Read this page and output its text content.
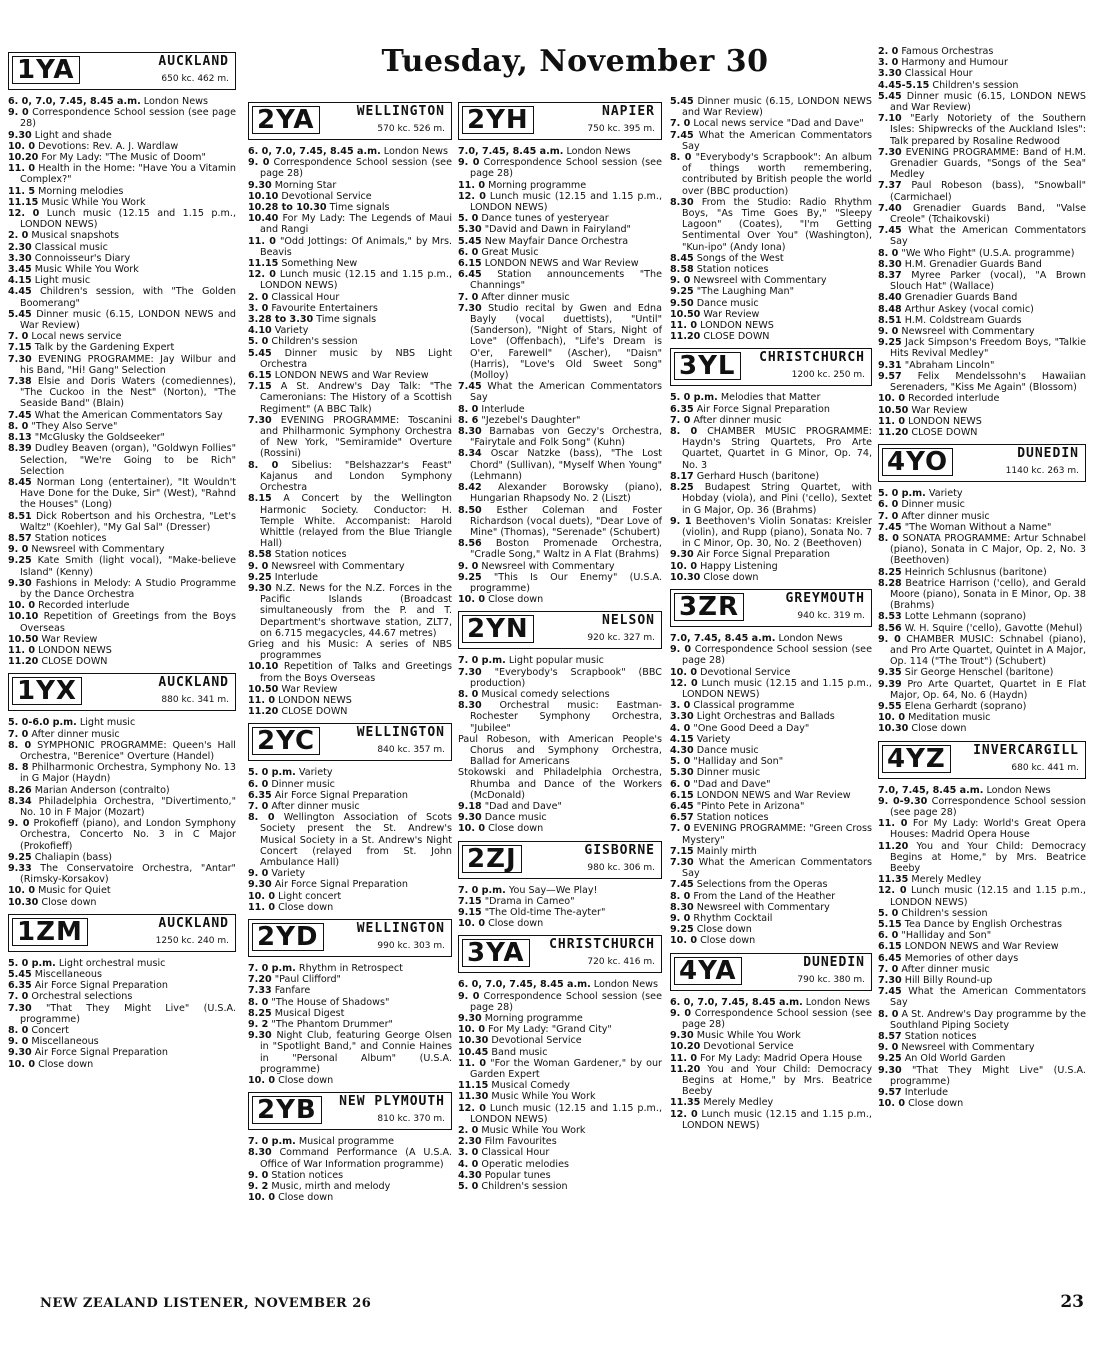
Tuesday, November 30
1YA	AUCKLAND
650 kc. 462 m.

6. 0, 7.0, 7.45, 8.45 a.m. London News

9. 0 Correspondence School session (see page 28)

9.30 Light and shade

10. 0 Devotions: Rev. A. J. Wardlaw

10.20 For My Lady: "The Music of Doom"

11. 0 Health in the Home: "Have You a Vitamin Complex?"

11. 5 Morning melodies

11.15 Music While You Work

12. 0 Lunch music (12.15 and 1.15 p.m., LONDON NEWS)

2. 0 Musical snapshots

2.30 Classical music

3.30 Connoisseur's Diary

3.45 Music While You Work

4.15 Light music

4.45 Children's session, with "The Golden Boomerang"

5.45 Dinner music (6.15, LONDON NEWS and War Review)

7. 0 Local news service

7.15 Talk by the Gardening Expert

7.30 EVENING PROGRAMME: Jay Wilbur and his Band, "Hi! Gang" Selection

7.38 Elsie and Doris Waters (comediennes), "The Cuckoo in the Nest" (Norton), "The Seaside Band" (Blain)

7.45 What the American Commentators Say

8. 0 "They Also Serve"

8.13 "McGlusky the Goldseeker"

8.39 Dudley Beaven (organ), "Goldwyn Follies" Selection, "We're Going to be Rich" Selection

8.45 Norman Long (entertainer), "It Wouldn't Have Done for the Duke, Sir" (West), "Rahnd the Houses" (Long)

8.51 Dick Robertson and his Orchestra, "Let's Waltz" (Koehler), "My Gal Sal" (Dresser)

8.57 Station notices

9. 0 Newsreel with Commentary

9.25 Kate Smith (light vocal), "Make-believe Island" (Kenny)

9.30 Fashions in Melody: A Studio Programme by the Dance Orchestra

10. 0 Recorded interlude

10.10 Repetition of Greetings from the Boys Overseas

10.50 War Review

11. 0 LONDON NEWS

11.20 CLOSE DOWN

1YX	AUCKLAND
880 kc. 341 m.

5. 0-6.0 p.m. Light music

7. 0 After dinner music

8. 0 SYMPHONIC PROGRAMME: Queen's Hall Orchestra, "Berenice" Overture (Handel)

8. 8 Philharmonic Orchestra, Symphony No. 13 in G Major (Haydn)

8.26 Marian Anderson (contralto)

8.34 Philadelphia Orchestra, "Divertimento," No. 10 in F Major (Mozart)

9. 0 Prokofieff (piano), and London Symphony Orchestra, Concerto No. 3 in C Major (Prokofieff)

9.25 Chaliapin (bass)

9.33 The Conservatoire Orchestra, "Antar" (Rimsky-Korsakov)

10. 0 Music for Quiet

10.30 Close down

1ZM	AUCKLAND
1250 kc. 240 m.

5. 0 p.m. Light orchestral music

5.45 Miscellaneous

6.35 Air Force Signal Preparation

7. 0 Orchestral selections

7.30 "That They Might Live" (U.S.A. programme)

8. 0 Concert

9. 0 Miscellaneous

9.30 Air Force Signal Preparation

10. 0 Close down

2YA	WELLINGTON
570 kc. 526 m.

6. 0, 7.0, 7.45, 8.45 a.m. London News

9. 0 Correspondence School session (see page 28)

9.30 Morning Star

10.10 Devotional Service

10.28 to 10.30 Time signals

10.40 For My Lady: The Legends of Maui and Rangi

11. 0 "Odd Jottings: Of Animals," by Mrs. Beavis

11.15 Something New

12. 0 Lunch music (12.15 and 1.15 p.m., LONDON NEWS)

2. 0 Classical Hour

3. 0 Favourite Entertainers

3.28 to 3.30 Time signals

4.10 Variety

5. 0 Children's session

5.45 Dinner music by NBS Light Orchestra

6.15 LONDON NEWS and War Review

7.15 A St. Andrew's Day Talk: "The Cameronians: The History of a Scottish Regiment" (A BBC Talk)

7.30 EVENING PROGRAMME: Toscanini and Philharmonic Symphony Orchestra of New York, "Semiramide" Overture (Rossini)

8. 0 Sibelius: "Belshazzar's Feast" Kajanus and London Symphony Orchestra

8.15 A Concert by the Wellington Harmonic Society. Conductor: H. Temple White. Accompanist: Harold Whittle (relayed from the Blue Triangle Hall)

8.58 Station notices

9. 0 Newsreel with Commentary

9.25 Interlude

9.30 N.Z. News for the N.Z. Forces in the Pacific Islands (Broadcast simultaneously from the P. and T. Department's shortwave station, ZLT7, on 6.715 megacycles, 44.67 metres)

Grieg and his Music: A series of NBS programmes

10.10 Repetition of Talks and Greetings from the Boys Overseas

10.50 War Review

11. 0 LONDON NEWS

11.20 CLOSE DOWN

2YC	WELLINGTON
840 kc. 357 m.

5. 0 p.m. Variety

6. 0 Dinner music

6.35 Air Force Signal Preparation

7. 0 After dinner music

8. 0 Wellington Association of Scots Society present the St. Andrew's Musical Society in a St. Andrew's Night Concert (relayed from St. John Ambulance Hall)

9. 0 Variety

9.30 Air Force Signal Preparation

10. 0 Light concert

11. 0 Close down

2YD	WELLINGTON
990 kc. 303 m.

7. 0 p.m. Rhythm in Retrospect

7.20 "Paul Clifford"

7.33 Fanfare

8. 0 "The House of Shadows"

8.25 Musical Digest

9. 2 "The Phantom Drummer"

9.30 Night Club, featuring George Olsen in "Spotlight Band," and Connie Haines in "Personal Album" (U.S.A. programme)

10. 0 Close down

2YB	NEW PLYMOUTH
810 kc. 370 m.

7. 0 p.m. Musical programme

8.30 Command Performance (A U.S.A. Office of War Information programme)

9. 0 Station notices

9. 2 Music, mirth and melody

10. 0 Close down

2YH	NAPIER
750 kc. 395 m.

7.0, 7.45, 8.45 a.m. London News

9. 0 Correspondence School session (see page 28)

11. 0 Morning programme

12. 0 Lunch music (12.15 and 1.15 p.m., LONDON NEWS)

5. 0 Dance tunes of yesteryear

5.30 "David and Dawn in Fairyland"

5.45 New Mayfair Dance Orchestra

6. 0 Great Music

6.15 LONDON NEWS and War Review

6.45 Station announcements "The Channings"

7. 0 After dinner music

7.30 Studio recital by Gwen and Edna Bayly (vocal duettists), "Until" (Sanderson), "Night of Stars, Night of Love" (Offenbach), "Life's Dream is O'er, Farewell" (Ascher), "Daisn" (Harris), "Love's Old Sweet Song" (Molloy)

7.45 What the American Commentators Say

8. 0 Interlude

8. 6 "Jezebel's Daughter"

8.30 Barnabas von Geczy's Orchestra, "Fairytale and Folk Song" (Kuhn)

8.34 Oscar Natzke (bass), "The Lost Chord" (Sullivan), "Myself When Young" (Lehmann)

8.42 Alexander Borowsky (piano), Hungarian Rhapsody No. 2 (Liszt)

8.50 Esther Coleman and Foster Richardson (vocal duets), "Dear Love of Mine" (Thomas), "Serenade" (Schubert)

8.56 Boston Promenade Orchestra, "Cradle Song," Waltz in A Flat (Brahms)

9. 0 Newsreel with Commentary

9.25 "This Is Our Enemy" (U.S.A. programme)

10. 0 Close down

2YN	NELSON
920 kc. 327 m.

7. 0 p.m. Light popular music

7.30 "Everybody's Scrapbook" (BBC production)

8. 0 Musical comedy selections

8.30 Orchestral music: Eastman-Rochester Symphony Orchestra, "Jubilee"

Paul Robeson, with American People's Chorus and Symphony Orchestra, Ballad for Americans

Stokowski and Philadelphia Orchestra, Rhumba and Dance of the Workers (McDonald)

9.18 "Dad and Dave"

9.30 Dance music

10. 0 Close down

2ZJ	GISBORNE
980 kc. 306 m.

7. 0 p.m. You Say—We Play!

7.15 "Drama in Cameo"

9.15 "The Old-time The-ayter"

10. 0 Close down

3YA	CHRISTCHURCH
720 kc. 416 m.

6. 0, 7.0, 7.45, 8.45 a.m. London News

9. 0 Correspondence School session (see page 28)

9.30 Morning programme

10. 0 For My Lady: "Grand City"

10.30 Devotional Service

10.45 Band music

11. 0 "For the Woman Gardener," by our Garden Expert

11.15 Musical Comedy

11.30 Music While You Work

12. 0 Lunch music (12.15 and 1.15 p.m., LONDON NEWS)

2. 0 Music While You Work

2.30 Film Favourites

3. 0 Classical Hour

4. 0 Operatic melodies

4.30 Popular tunes

5. 0 Children's session

5.45 Dinner music (6.15, LONDON NEWS and War Review)

7. 0 Local news service "Dad and Dave"

7.45 What the American Commentators Say

8. 0 "Everybody's Scrapbook": An album of things worth remembering, contributed by British people the world over (BBC production)

8.30 From the Studio: Radio Rhythm Boys, "As Time Goes By," "Sleepy Lagoon" (Coates), "I'm Getting Sentimental Over You" (Washington), "Kun-ipo" (Andy Iona)

8.45 Songs of the West

8.58 Station notices

9. 0 Newsreel with Commentary

9.25 "The Laughing Man"

9.50 Dance music

10.50 War Review

11. 0 LONDON NEWS

11.20 CLOSE DOWN

3YL	CHRISTCHURCH
1200 kc. 250 m.

5. 0 p.m. Melodies that Matter

6.35 Air Force Signal Preparation

7. 0 After dinner music

8. 0 CHAMBER MUSIC PROGRAMME: Haydn's String Quartets, Pro Arte Quartet, Quartet in G Minor, Op. 74, No. 3

8.17 Gerhard Husch (baritone)

8.25 Budapest String Quartet, with Hobday (viola), and Pini ('cello), Sextet in G Major, Op. 36 (Brahms)

9. 1 Beethoven's Violin Sonatas: Kreisler (violin), and Rupp (piano), Sonata No. 7 in C Minor, Op. 30, No. 2 (Beethoven)

9.30 Air Force Signal Preparation

10. 0 Happy Listening

10.30 Close down

3ZR	GREYMOUTH
940 kc. 319 m.

7.0, 7.45, 8.45 a.m. London News

9. 0 Correspondence School session (see page 28)

10. 0 Devotional Service

12. 0 Lunch music (12.15 and 1.15 p.m., LONDON NEWS)

3. 0 Classical programme

3.30 Light Orchestras and Ballads

4. 0 "One Good Deed a Day"

4.15 Variety

4.30 Dance music

5. 0 "Halliday and Son"

5.30 Dinner music

6. 0 "Dad and Dave"

6.15 LONDON NEWS and War Review

6.45 "Pinto Pete in Arizona"

6.57 Station notices

7. 0 EVENING PROGRAMME: "Green Cross Mystery"

7.15 Mainly mirth

7.30 What the American Commentators Say

7.45 Selections from the Operas

8. 0 From the Land of the Heather

8.30 Newsreel with Commentary

9. 0 Rhythm Cocktail

9.25 Close down

10. 0 Close down

4YA	DUNEDIN
790 kc. 380 m.

6. 0, 7.0, 7.45, 8.45 a.m. London News

9. 0 Correspondence School session (see page 28)

9.30 Music While You Work

10.20 Devotional Service

11. 0 For My Lady: Madrid Opera House

11.20 You and Your Child: Democracy Begins at Home," by Mrs. Beatrice Beeby

11.35 Merely Medley

12. 0 Lunch music (12.15 and 1.15 p.m., LONDON NEWS)

2. 0 Famous Orchestras

3. 0 Harmony and Humour

3.30 Classical Hour

4.45-5.15 Children's session

5.45 Dinner music (6.15, LONDON NEWS and War Review)

7.10 "Early Notoriety of the Southern Isles: Shipwrecks of the Auckland Isles": Talk prepared by Rosaline Redwood

7.30 EVENING PROGRAMME: Band of H.M. Grenadier Guards, "Songs of the Sea" Medley

7.37 Paul Robeson (bass), "Snowball" (Carmichael)

7.40 Grenadier Guards Band, "Valse Creole" (Tchaikovski)

7.45 What the American Commentators Say

8. 0 "We Who Fight" (U.S.A. programme)

8.30 H.M. Grenadier Guards Band

8.37 Myree Parker (vocal), "A Brown Slouch Hat" (Wallace)

8.40 Grenadier Guards Band

8.48 Arthur Askey (vocal comic)

8.51 H.M. Coldstream Guards

9. 0 Newsreel with Commentary

9.25 Jack Simpson's Freedom Boys, "Talkie Hits Revival Medley"

9.31 "Abraham Lincoln"

9.57 Felix Mendelssohn's Hawaiian Serenaders, "Kiss Me Again" (Blossom)

10. 0 Recorded interlude

10.50 War Review

11. 0 LONDON NEWS

11.20 CLOSE DOWN

4YO	DUNEDIN
1140 kc. 263 m.

5. 0 p.m. Variety

6. 0 Dinner music

7. 0 After dinner music

7.45 "The Woman Without a Name"

8. 0 SONATA PROGRAMME: Artur Schnabel (piano), Sonata in C Major, Op. 2, No. 3 (Beethoven)

8.25 Heinrich Schlusnus (baritone)

8.28 Beatrice Harrison ('cello), and Gerald Moore (piano), Sonata in E Minor, Op. 38 (Brahms)

8.53 Lotte Lehmann (soprano)

8.56 W. H. Squire ('cello), Gavotte (Mehul)

9. 0 CHAMBER MUSIC: Schnabel (piano), and Pro Arte Quartet, Quintet in A Major, Op. 114 ("The Trout") (Schubert)

9.35 Sir George Henschel (baritone)

9.39 Pro Arte Quartet, Quartet in E Flat Major, Op. 64, No. 6 (Haydn)

9.55 Elena Gerhardt (soprano)

10. 0 Meditation music

10.30 Close down

4YZ	INVERCARGILL
680 kc. 441 m.

7.0, 7.45, 8.45 a.m. London News

9. 0-9.30 Correspondence School session (see page 28)

11. 0 For My Lady: World's Great Opera Houses: Madrid Opera House

11.20 You and Your Child: Democracy Begins at Home," by Mrs. Beatrice Beeby

11.35 Merely Medley

12. 0 Lunch music (12.15 and 1.15 p.m., LONDON NEWS)

5. 0 Children's session

5.15 Tea Dance by English Orchestras

6. 0 "Halliday and Son"

6.15 LONDON NEWS and War Review

6.45 Memories of other days

7. 0 After dinner music

7.30 Hill Billy Round-up

7.45 What the American Commentators Say

8. 0 A St. Andrew's Day programme by the Southland Piping Society

8.57 Station notices

9. 0 Newsreel with Commentary

9.25 An Old World Garden

9.30 "That They Might Live" (U.S.A. programme)

9.57 Interlude

10. 0 Close down

NEW ZEALAND LISTENER, NOVEMBER 26	23
